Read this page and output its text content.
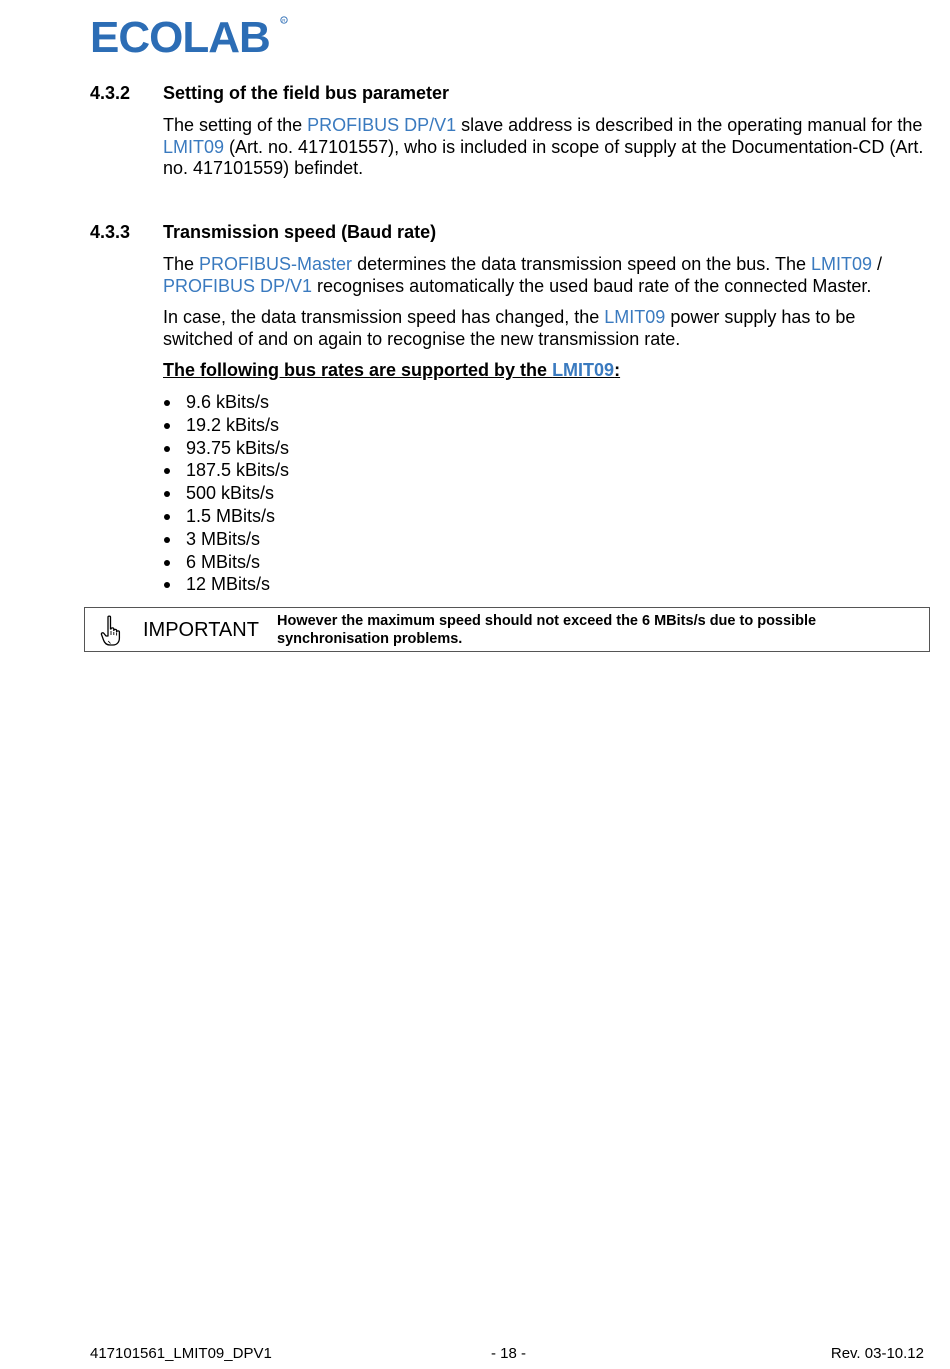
ECOLAB	R
4.3.2 Setting of the field bus parameter
The setting of the PROFIBUS DP/V1 slave address is described in the operating manual for the LMIT09 (Art. no. 417101557), who is included in scope of supply at the Documentation-CD (Art. no. 417101559) befindet.
4.3.3 Transmission speed (Baud rate)
The PROFIBUS-Master determines the data transmission speed on the bus. The LMIT09 / PROFIBUS DP/V1 recognises automatically the used baud rate of the connected Master.
In case, the data transmission speed has changed, the LMIT09 power supply has to be switched of and on again to recognise the new transmission rate.
The following bus rates are supported by the LMIT09:
9.6 kBits/s
19.2 kBits/s
93.75 kBits/s
187.5 kBits/s
500 kBits/s
1.5 MBits/s
3 MBits/s
6 MBits/s
12 MBits/s
IMPORTANT However the maximum speed should not exceed the 6 MBits/s due to possible synchronisation problems.
417101561_LMIT09_DPV1	- 18 -	Rev. 03-10.12
